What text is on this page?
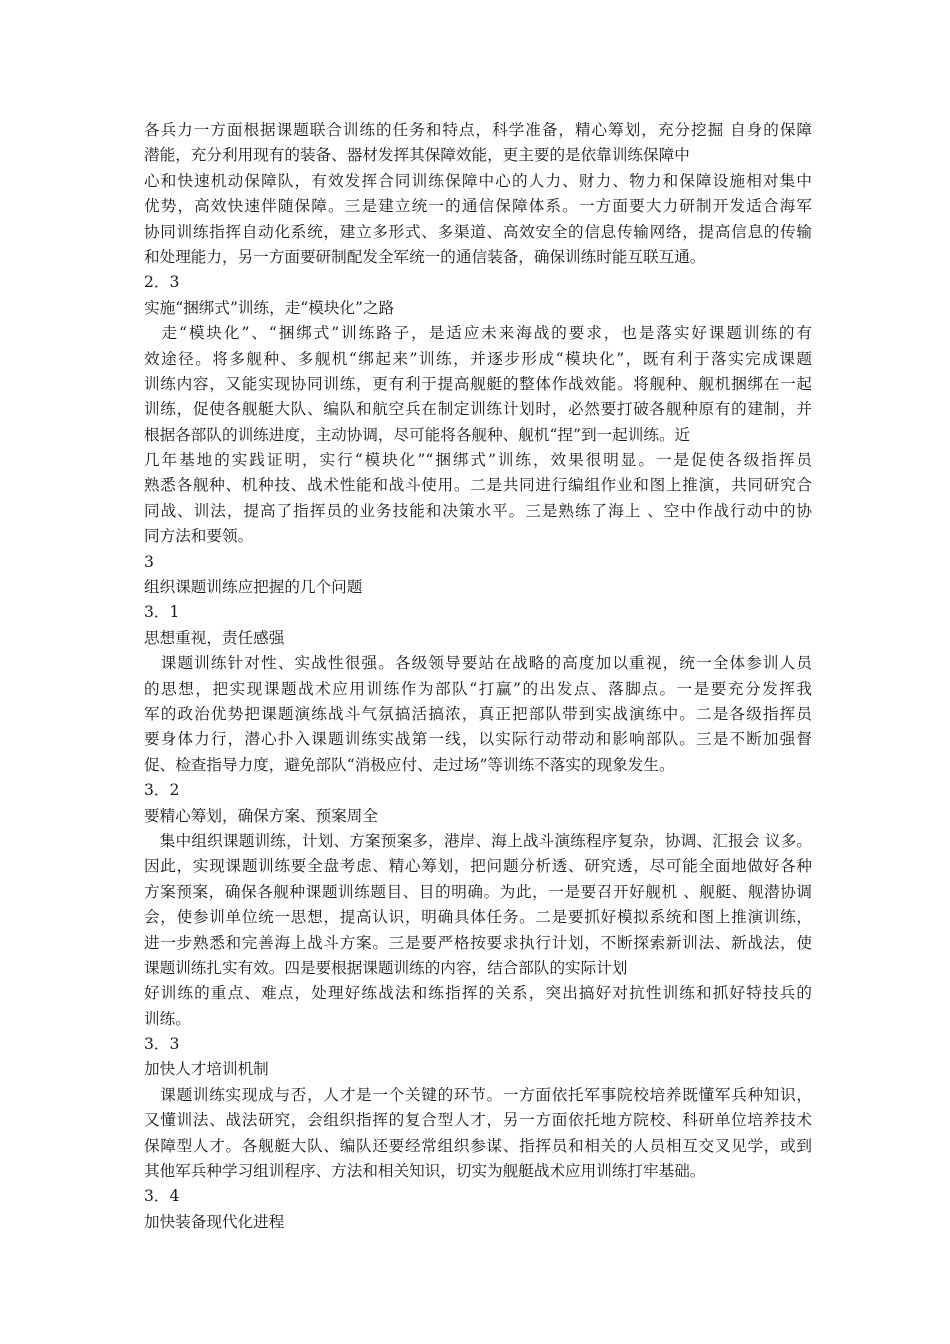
各兵力一方面根据课题联合训练的任务和特点，科学准备，精心筹划，充分挖掘 自身的保障
潜能，充分利用现有的装备、器材发挥其保障效能，更主要的是依靠训练保障中
心和快速机动保障队，有效发挥合同训练保障中心的人力、财力、物力和保障设施相对集中
优势，高效快速伴随保障。三是建立统一的通信保障体系。一方面要大力研制开发适合海军
协同训练指挥自动化系统，建立多形式、多渠道、高效安全的信息传输网络，提高信息的传输
和处理能力，另一方面要研制配发全军统一的通信装备，确保训练时能互联互通。
2．3
实施“捆绑式”训练，走“模块化”之路
　走“模块化”、“捆绑式”训练路子，是适应未来海战的要求，也是落实好课题训练的有
效途径。将多舰种、多舰机“绑起来”训练，并逐步形成“模块化”，既有利于落实完成课题
训练内容，又能实现协同训练，更有利于提高舰艇的整体作战效能。将舰种、舰机捆绑在一起
训练，促使各舰艇大队、编队和航空兵在制定训练计划时，必然要打破各舰种原有的建制，并
根据各部队的训练进度，主动协调，尽可能将各舰种、舰机“捏”到一起训练。近
几年基地的实践证明，实行“模块化”“捆绑式”训练，效果很明显。一是促使各级指挥员
熟悉各舰种、机种技、战术性能和战斗使用。二是共同进行编组作业和图上推演，共同研究合
同战、训法，提高了指挥员的业务技能和决策水平。三是熟练了海上 、空中作战行动中的协
同方法和要领。
3
组织课题训练应把握的几个问题
3．1
思想重视，责任感强
　课题训练针对性、实战性很强。各级领导要站在战略的高度加以重视，统一全体参训人员
的思想，把实现课题战术应用训练作为部队“打赢”的出发点、落脚点。一是要充分发挥我
军的政治优势把课题演练战斗气氛搞活搞浓，真正把部队带到实战演练中。二是各级指挥员
要身体力行，潜心扑入课题训练实战第一线，以实际行动带动和影响部队。三是不断加强督
促、检查指导力度，避免部队“消极应付、走过场”等训练不落实的现象发生。
3．2
要精心筹划，确保方案、预案周全
　集中组织课题训练，计划、方案预案多，港岸、海上战斗演练程序复杂，协调、汇报会 议多。
因此，实现课题训练要全盘考虑、精心筹划，把问题分析透、研究透，尽可能全面地做好各种
方案预案，确保各舰种课题训练题目、目的明确。为此，一是要召开好舰机 、舰艇、舰潜协调
会，使参训单位统一思想，提高认识，明确具体任务。二是要抓好模拟系统和图上推演训练，
进一步熟悉和完善海上战斗方案。三是要严格按要求执行计划，不断探索新训法、新战法，使
课题训练扎实有效。四是要根据课题训练的内容，结合部队的实际计划
好训练的重点、难点，处理好练战法和练指挥的关系，突出搞好对抗性训练和抓好特技兵的
训练。
3．3
加快人才培训机制
　课题训练实现成与否，人才是一个关键的环节。一方面依托军事院校培养既懂军兵种知识，
又懂训法、战法研究，会组织指挥的复合型人才，另一方面依托地方院校、科研单位培养技术
保障型人才。各舰艇大队、编队还要经常组织参谋、指挥员和相关的人员相互交叉见学，或到
其他军兵种学习组训程序、方法和相关知识，切实为舰艇战术应用训练打牢基础。
3．4
加快装备现代化进程
